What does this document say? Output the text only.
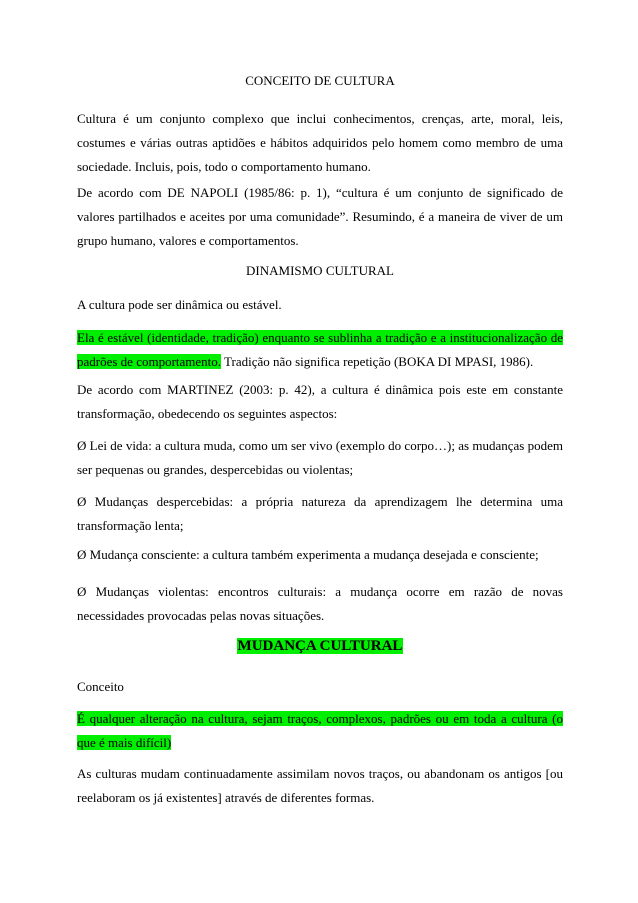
CONCEITO DE CULTURA
Cultura é um conjunto complexo que inclui conhecimentos, crenças, arte, moral, leis, costumes e várias outras aptidões e hábitos adquiridos pelo homem como membro de uma sociedade. Incluis, pois, todo o comportamento humano.
De acordo com DE NAPOLI (1985/86: p. 1), “cultura é um conjunto de significado de valores partilhados e aceites por uma comunidade”. Resumindo, é a maneira de viver de um grupo humano, valores e comportamentos.
DINAMISMO CULTURAL
A cultura pode ser dinâmica ou estável.
Ela é estável (identidade, tradição) enquanto se sublinha a tradição e a institucionalização de padrões de comportamento. Tradição não significa repetição (BOKA DI MPASI, 1986).
De acordo com MARTINEZ (2003: p. 42), a cultura é dinâmica pois este em constante transformação, obedecendo os seguintes aspectos:
Ø Lei de vida: a cultura muda, como um ser vivo (exemplo do corpo…); as mudanças podem ser pequenas ou grandes, despercebidas ou violentas;
Ø Mudanças despercebidas: a própria natureza da aprendizagem lhe determina uma transformação lenta;
Ø Mudança consciente: a cultura também experimenta a mudança desejada e consciente;
Ø Mudanças violentas: encontros culturais: a mudança ocorre em razão de novas necessidades provocadas pelas novas situações.
MUDANÇA CULTURAL
Conceito
É qualquer alteração na cultura, sejam traços, complexos, padrões ou em toda a cultura (o que é mais difícil)
As culturas mudam continuadamente assimilam novos traços, ou abandonam os antigos [ou reelaboram os já existentes] através de diferentes formas.
